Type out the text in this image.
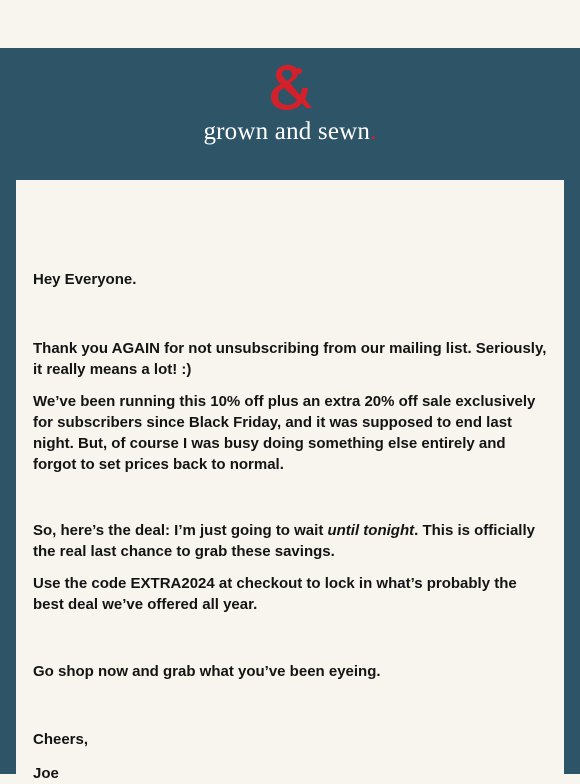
grown and sewn.

Hey Everyone.

Thank you AGAIN for not unsubscribing from our mailing list. Seriously, it really means a lot! :)

We’ve been running this 10% off plus an extra 20% off sale exclusively for subscribers since Black Friday, and it was supposed to end last night. But, of course I was busy doing something else entirely and forgot to set prices back to normal.

So, here’s the deal: I’m just going to wait until tonight. This is officially the real last chance to grab these savings.

Use the code EXTRA2024 at checkout to lock in what’s probably the best deal we’ve offered all year.

Go shop now and grab what you’ve been eyeing.

Cheers,

Joe
